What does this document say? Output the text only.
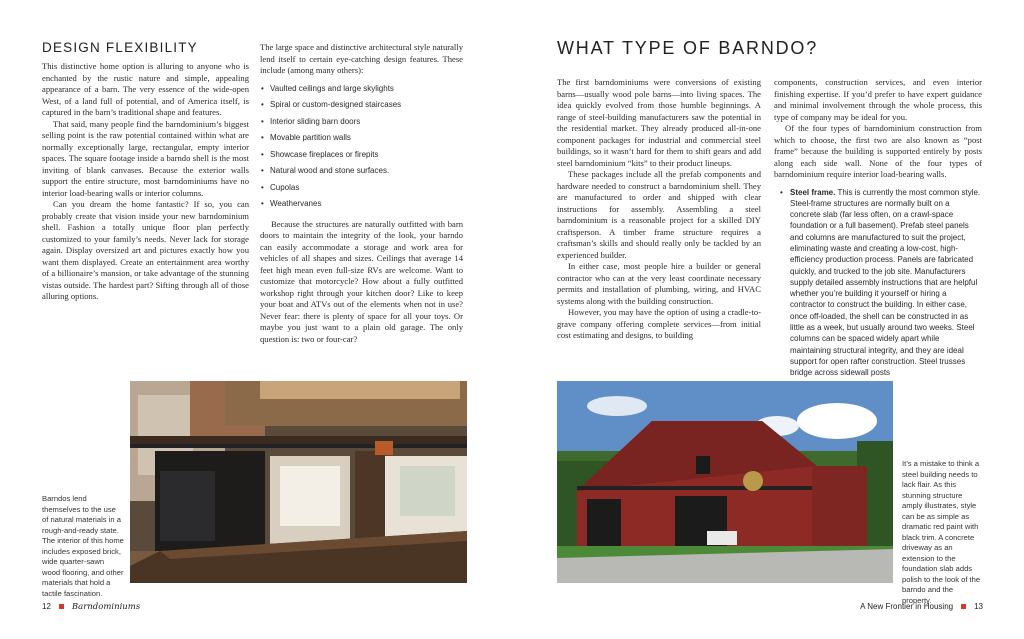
DESIGN FLEXIBILITY

This distinctive home option is alluring to anyone who is enchanted by the rustic nature and simple, appealing appearance of a barn. The very essence of the wide-open West, of a land full of potential, and of America itself, is captured in the barn’s traditional shape and features.

That said, many people find the barndominium’s biggest selling point is the raw potential contained within what are normally exceptionally large, rectangular, empty interior spaces. The square footage inside a barndo shell is the most inviting of blank canvases. Because the exterior walls support the entire structure, most barndominiums have no interior load-bearing walls or interior columns.

Can you dream the home fantastic? If so, you can probably create that vision inside your new barndominium shell. Fashion a totally unique floor plan perfectly customized to your family’s needs. Never lack for storage again. Display oversized art and pictures exactly how you want them displayed. Create an entertainment area worthy of a billionaire’s mansion, or take advantage of the stunning vistas outside. The hardest part? Sifting through all of those alluring options.

The large space and distinctive architectural style naturally lend itself to certain eye-catching design features. These include (among many others):

• Vaulted ceilings and large skylights
• Spiral or custom-designed staircases
• Interior sliding barn doors
• Movable partition walls
• Showcase fireplaces or firepits
• Natural wood and stone surfaces.
• Cupolas
• Weathervanes

Because the structures are naturally outfitted with barn doors to maintain the integrity of the look, your barndo can easily accommodate a storage and work area for vehicles of all shapes and sizes. Ceilings that average 14 feet high mean even full-size RVs are welcome. Want to customize that motorcycle? How about a fully outfitted workshop right through your kitchen door? Like to keep your boat and ATVs out of the elements when not in use? Never fear: there is plenty of space for all your toys. Or maybe you just want to a plain old garage. The only question is: two or four-car?

Barndos lend themselves to the use of natural materials in a rough-and-ready state. The interior of this home includes exposed brick, wide quarter-sawn wood flooring, and other materials that hold a tactile fascination.
12 Barndominiums
WHAT TYPE OF BARNDO?

The first barndominiums were conversions of existing barns—usually wood pole barns—into living spaces. The idea quickly evolved from those humble beginnings. A range of steel-building manufacturers saw the potential in the residential market. They already produced all-in-one component packages for industrial and commercial steel buildings, so it wasn’t hard for them to shift gears and add steel barndominium “kits” to their product lineups.

These packages include all the prefab components and hardware needed to construct a barndominium shell. They are manufactured to order and shipped with clear instructions for assembly. Assembling a steel barndominium is a reasonable project for a skilled DIY craftsperson. A timber frame structure requires a craftsman’s skills and should really only be tackled by an experienced builder.

In either case, most people hire a builder or general contractor who can at the very least coordinate necessary permits and installation of plumbing, wiring, and HVAC systems along with the building construction.

However, you may have the option of using a cradle-to-grave company offering complete services—from initial cost estimating and designs, to building

components, construction services, and even interior finishing expertise. If you’d prefer to have expert guidance and minimal involvement through the whole process, this type of company may be ideal for you.

Of the four types of barndominium construction from which to choose, the first two are also known as “post frame” because the building is supported entirely by posts along each side wall. None of the four types of barndominium require interior load-bearing walls.

• Steel frame. This is currently the most common style. Steel-frame structures are normally built on a concrete slab (far less often, on a crawl-space foundation or a full basement). Prefab steel panels and columns are manufactured to suit the project, eliminating waste and creating a low-cost, high-efficiency production process. Panels are fabricated quickly, and trucked to the job site. Manufacturers supply detailed assembly instructions that are helpful whether you’re building it yourself or hiring a contractor to construct the building. In either case, once off-loaded, the shell can be constructed in as little as a week, but usually around two weeks. Steel columns can be spaced widely apart while maintaining structural integrity, and they are ideal support for open rafter construction. Steel trusses bridge across sidewall posts
It’s a mistake to think a steel building needs to lack flair. As this stunning structure amply illustrates, style can be as simple as dramatic red paint with black trim. A concrete driveway as an extension to the foundation slab adds polish to the look of the barndo and the property.
A New Frontier in Housing	13
